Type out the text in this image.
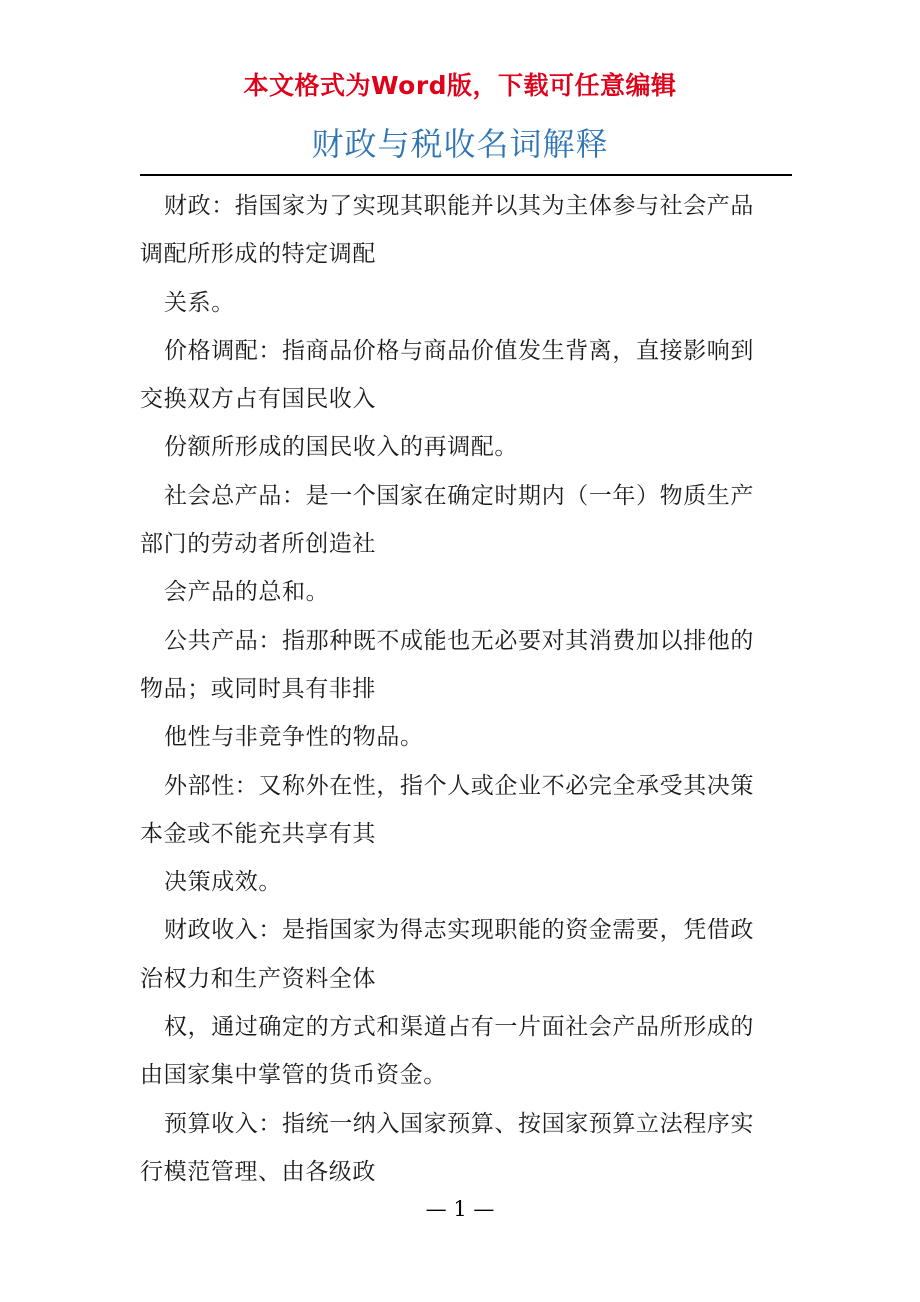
本文格式为Word版，下载可任意编辑
财政与税收名词解释

财政：指国家为了实现其职能并以其为主体参与社会产品

调配所形成的特定调配

关系。

价格调配：指商品价格与商品价值发生背离，直接影响到

交换双方占有国民收入

份额所形成的国民收入的再调配。

社会总产品：是一个国家在确定时期内（一年）物质生产

部门的劳动者所创造社

会产品的总和。

公共产品：指那种既不成能也无必要对其消费加以排他的

物品；或同时具有非排

他性与非竞争性的物品。

外部性：又称外在性，指个人或企业不必完全承受其决策

本金或不能充共享有其

决策成效。

财政收入：是指国家为得志实现职能的资金需要，凭借政

治权力和生产资料全体

权，通过确定的方式和渠道占有一片面社会产品所形成的

由国家集中掌管的货币资金。

预算收入：指统一纳入国家预算、按国家预算立法程序实

行模范管理、由各级政

— 1 —
